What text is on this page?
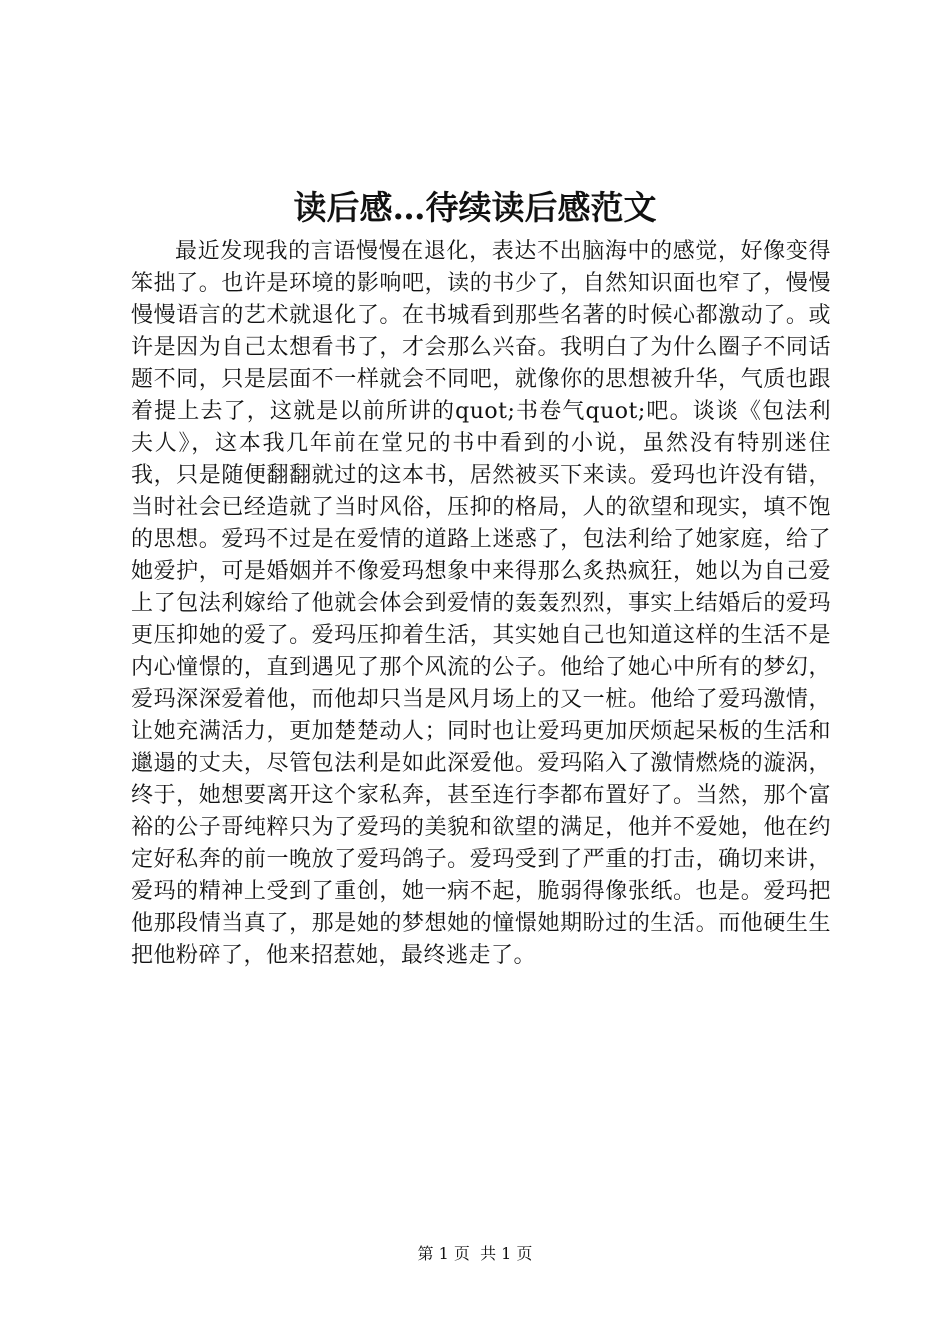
读后感…待续读后感范文

最近发现我的言语慢慢在退化，表达不出脑海中的感觉，好像变得笨拙了。也许是环境的影响吧，读的书少了，自然知识面也窄了，慢慢慢慢语言的艺术就退化了。在书城看到那些名著的时候心都激动了。或许是因为自己太想看书了，才会那么兴奋。我明白了为什么圈子不同话题不同，只是层面不一样就会不同吧，就像你的思想被升华，气质也跟着提上去了，这就是以前所讲的quot;书卷气quot;吧。谈谈《包法利夫人》，这本我几年前在堂兄的书中看到的小说，虽然没有特别迷住我，只是随便翻翻就过的这本书，居然被买下来读。爱玛也许没有错，当时社会已经造就了当时风俗，压抑的格局，人的欲望和现实，填不饱的思想。爱玛不过是在爱情的道路上迷惑了，包法利给了她家庭，给了她爱护，可是婚姻并不像爱玛想象中来得那么炙热疯狂，她以为自己爱上了包法利嫁给了他就会体会到爱情的轰轰烈烈，事实上结婚后的爱玛更压抑她的爱了。爱玛压抑着生活，其实她自己也知道这样的生活不是内心憧憬的，直到遇见了那个风流的公子。他给了她心中所有的梦幻，爱玛深深爱着他，而他却只当是风月场上的又一桩。他给了爱玛激情，让她充满活力，更加楚楚动人；同时也让爱玛更加厌烦起呆板的生活和邋遢的丈夫，尽管包法利是如此深爱他。爱玛陷入了激情燃烧的漩涡，终于，她想要离开这个家私奔，甚至连行李都布置好了。当然，那个富裕的公子哥纯粹只为了爱玛的美貌和欲望的满足，他并不爱她，他在约定好私奔的前一晚放了爱玛鸽子。爱玛受到了严重的打击，确切来讲，爱玛的精神上受到了重创，她一病不起，脆弱得像张纸。也是。爱玛把他那段情当真了，那是她的梦想她的憧憬她期盼过的生活。而他硬生生把他粉碎了，他来招惹她，最终逃走了。

第 1 页 共 1 页
